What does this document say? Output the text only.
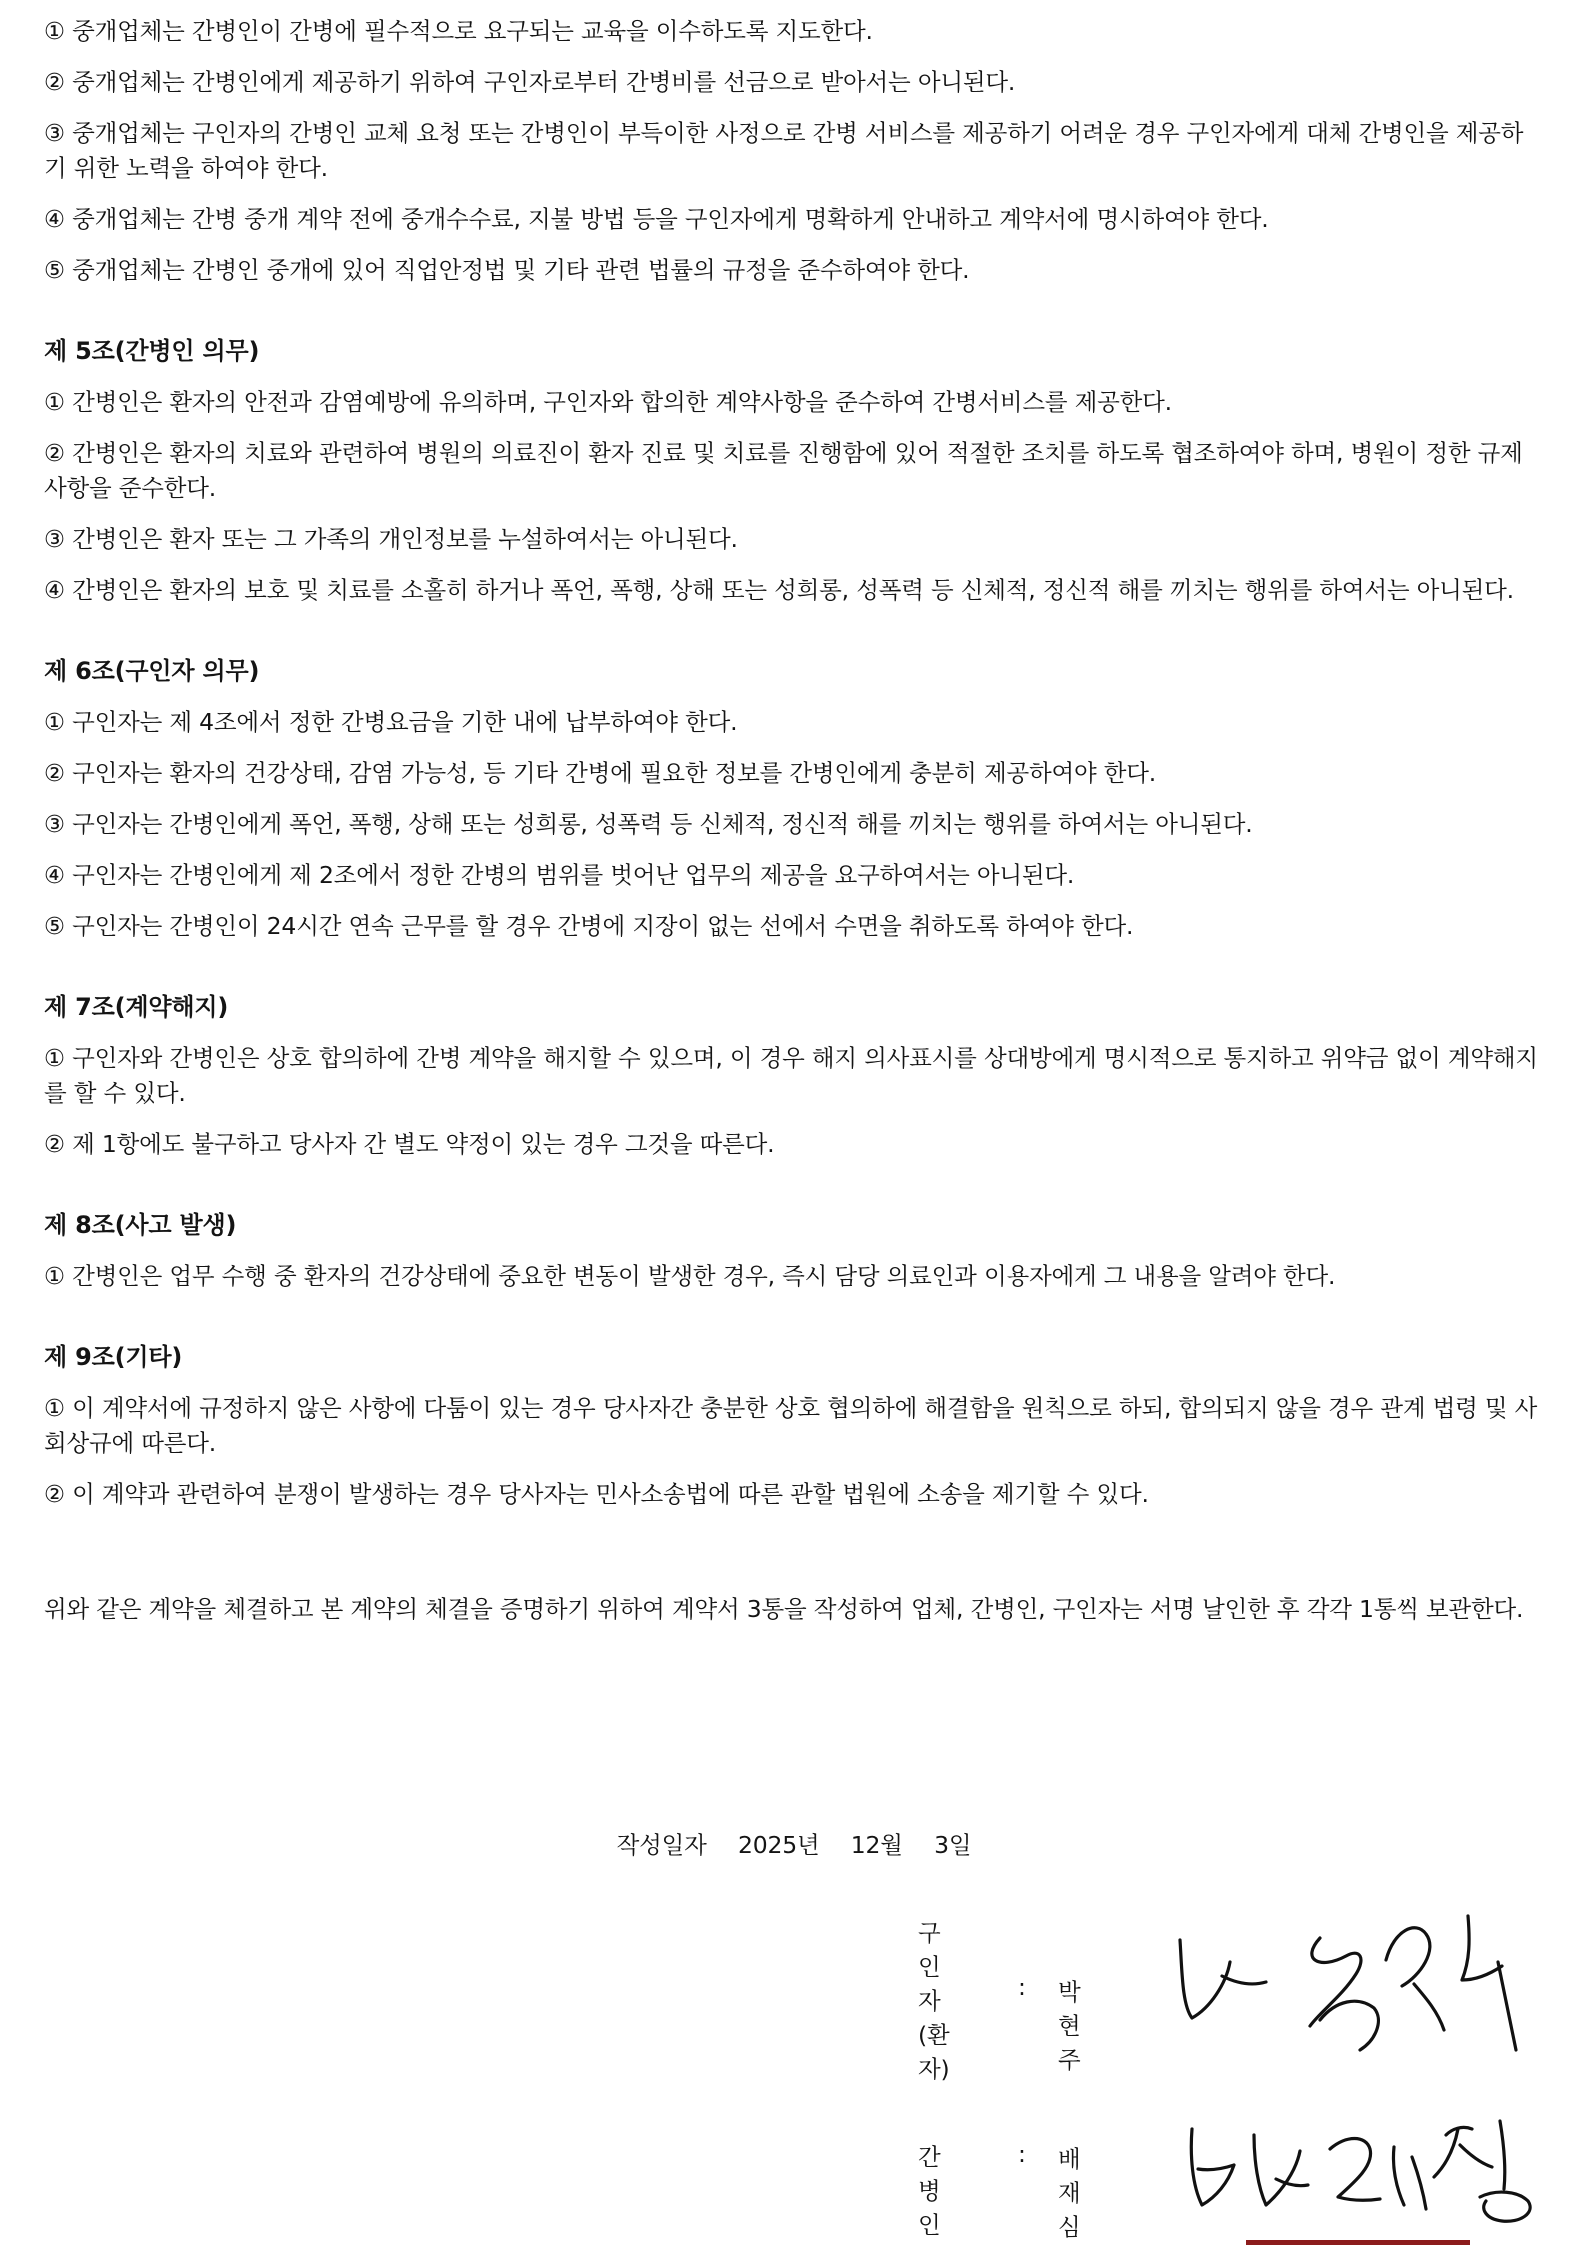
① 중개업체는 간병인이 간병에 필수적으로 요구되는 교육을 이수하도록 지도한다.

② 중개업체는 간병인에게 제공하기 위하여 구인자로부터 간병비를 선금으로 받아서는 아니된다.

③ 중개업체는 구인자의 간병인 교체 요청 또는 간병인이 부득이한 사정으로 간병 서비스를 제공하기 어려운 경우 구인자에게 대체 간병인을 제공하기 위한 노력을 하여야 한다.

④ 중개업체는 간병 중개 계약 전에 중개수수료, 지불 방법 등을 구인자에게 명확하게 안내하고 계약서에 명시하여야 한다.

⑤ 중개업체는 간병인 중개에 있어 직업안정법 및 기타 관련 법률의 규정을 준수하여야 한다.

제 5조(간병인 의무)

① 간병인은 환자의 안전과 감염예방에 유의하며, 구인자와 합의한 계약사항을 준수하여 간병서비스를 제공한다.

② 간병인은 환자의 치료와 관련하여 병원의 의료진이 환자 진료 및 치료를 진행함에 있어 적절한 조치를 하도록 협조하여야 하며, 병원이 정한 규제사항을 준수한다.

③ 간병인은 환자 또는 그 가족의 개인정보를 누설하여서는 아니된다.

④ 간병인은 환자의 보호 및 치료를 소홀히 하거나 폭언, 폭행, 상해 또는 성희롱, 성폭력 등 신체적, 정신적 해를 끼치는 행위를 하여서는 아니된다.

제 6조(구인자 의무)

① 구인자는 제 4조에서 정한 간병요금을 기한 내에 납부하여야 한다.

② 구인자는 환자의 건강상태, 감염 가능성, 등 기타 간병에 필요한 정보를 간병인에게 충분히 제공하여야 한다.

③ 구인자는 간병인에게 폭언, 폭행, 상해 또는 성희롱, 성폭력 등 신체적, 정신적 해를 끼치는 행위를 하여서는 아니된다.

④ 구인자는 간병인에게 제 2조에서 정한 간병의 범위를 벗어난 업무의 제공을 요구하여서는 아니된다.

⑤ 구인자는 간병인이 24시간 연속 근무를 할 경우 간병에 지장이 없는 선에서 수면을 취하도록 하여야 한다.

제 7조(계약해지)

① 구인자와 간병인은 상호 합의하에 간병 계약을 해지할 수 있으며, 이 경우 해지 의사표시를 상대방에게 명시적으로 통지하고 위약금 없이 계약해지를 할 수 있다.

② 제 1항에도 불구하고 당사자 간 별도 약정이 있는 경우 그것을 따른다.

제 8조(사고 발생)

① 간병인은 업무 수행 중 환자의 건강상태에 중요한 변동이 발생한 경우, 즉시 담당 의료인과 이용자에게 그 내용을 알려야 한다.

제 9조(기타)

① 이 계약서에 규정하지 않은 사항에 다툼이 있는 경우 당사자간 충분한 상호 협의하에 해결함을 원칙으로 하되, 합의되지 않을 경우 관계 법령 및 사회상규에 따른다.

② 이 계약과 관련하여 분쟁이 발생하는 경우 당사자는 민사소송법에 따른 관할 법원에 소송을 제기할 수 있다.

위와 같은 계약을 체결하고 본 계약의 체결을 증명하기 위하여 계약서 3통을 작성하여 업체, 간병인, 구인자는 서명 날인한 후 각각 1통씩 보관한다.

작성일자 2025년 12월 3일
구인자
(환자)
: 박현주
간병인
: 배재심
